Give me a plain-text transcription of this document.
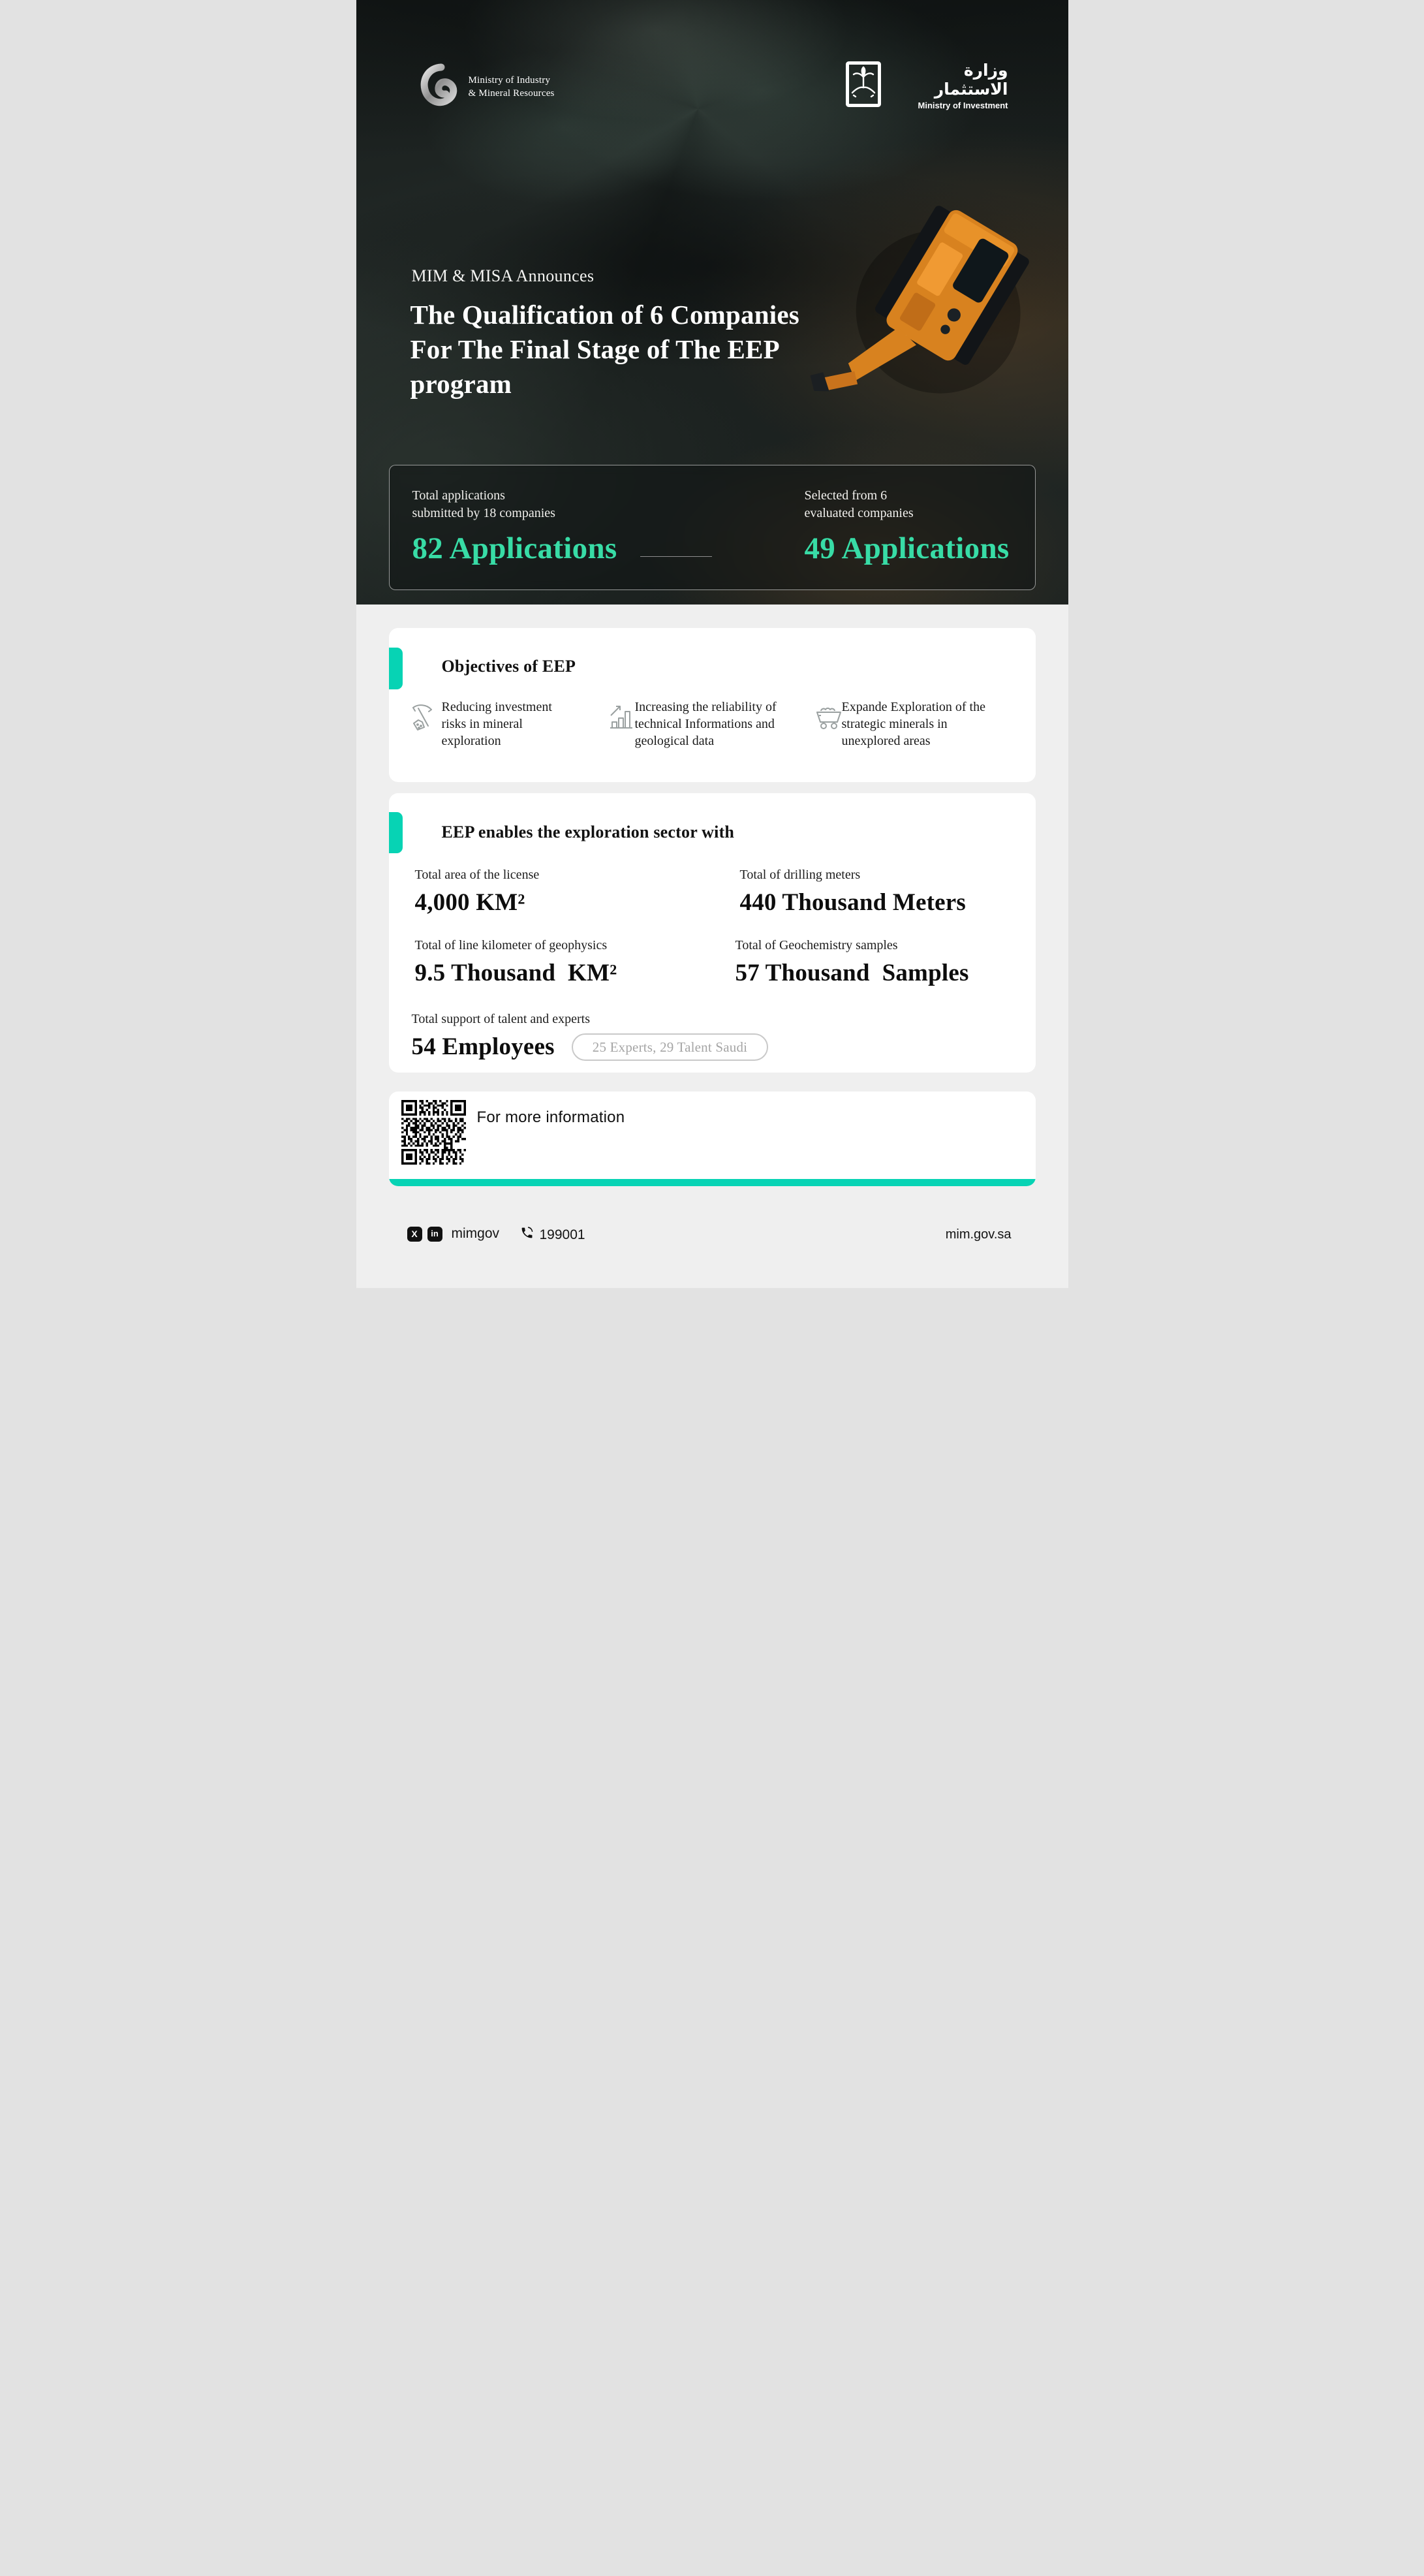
Ministry of Industry
& Mineral Resources
وزارة الاستثمار
Ministry of Investment
MIM & MISA Announces
The Qualification of 6 Companies
For The Final Stage of The EEP
program
Total applications
submitted by 18 companies
82 Applications
Selected from 6
evaluated companies
49 Applications
Objectives of EEP
Reducing investment risks in mineral exploration
Increasing the reliability of technical Informations and geological data
Expande Exploration of the strategic minerals in unexplored areas
EEP enables the exploration sector with
Total area of the license
4,000 KM²
Total of drilling meters
440 Thousand Meters
Total of line kilometer of geophysics
9.5 Thousand  KM²
Total of Geochemistry samples
57 Thousand  Samples
Total support of talent and experts
54 Employees	25 Experts, 29 Talent Saudi
For more information
X
in
mimgov	199001	mim.gov.sa
